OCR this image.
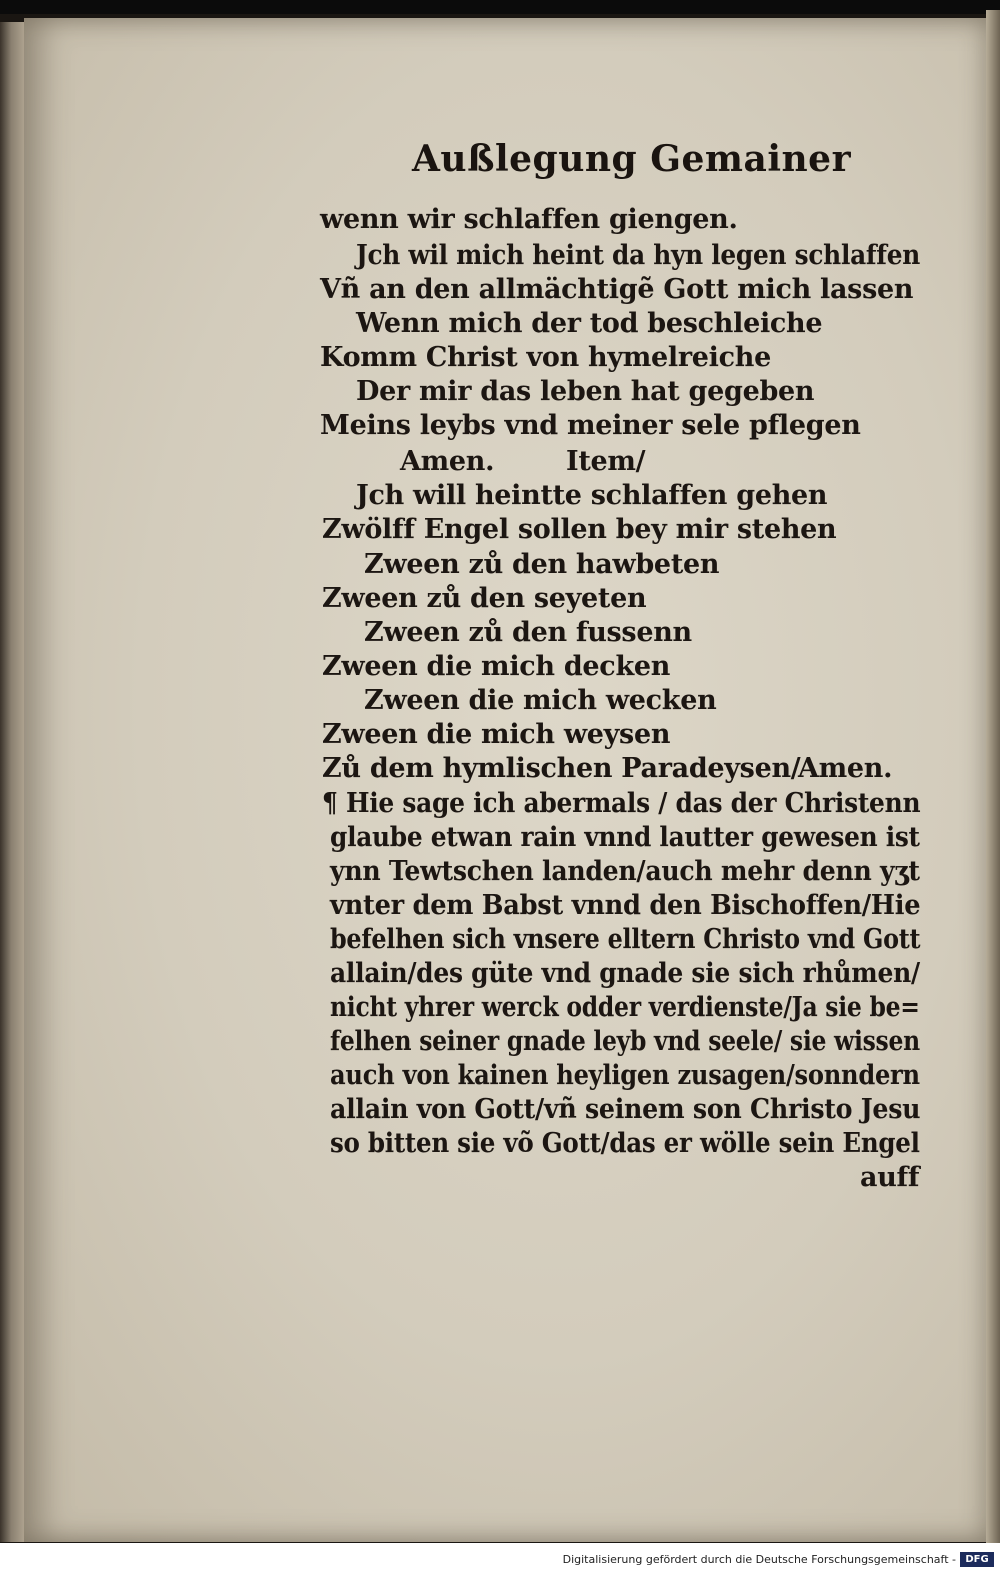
Außlegung Gemainer
wenn wir schlaffen giengen.
Jch wil mich heint da hyn legen schlaffen
Vñ an den allmächtigẽ Gott mich lassen
Wenn mich der tod beschleiche
Komm Christ von hymelreiche
Der mir das leben hat gegeben
Meins leybs vnd meiner sele pflegen
Amen.	Item/
Jch will heintte schlaffen gehen
Zwölff Engel sollen bey mir stehen
Zween zů den hawbeten
Zween zů den seyeten
Zween zů den fussenn
Zween die mich decken
Zween die mich wecken
Zween die mich weysen
Zů dem hymlischen Paradeysen/
Amen.
¶ Hie sage ich abermals / das der Christenn
glaube etwan rain vnnd lautter gewesen ist
ynn Tewtschen landen/auch mehr denn yʒt
vnter dem Babst vnnd den Bischoffen/Hie
befelhen sich vnsere elltern Christo vnd Gott
allain/des güte vnd gnade sie sich rhůmen/
nicht yhrer werck odder verdienste/Ja sie be=
felhen seiner gnade leyb vnd seele/ sie wissen
auch von kainen heyligen zusagen/sonndern
allain von Gott/vñ seinem son Christo Jesu
so bitten sie võ Gott/das er wölle sein Engel
auff
Digitalisierung gefördert durch die Deutsche Forschungsgemeinschaft - DFG
